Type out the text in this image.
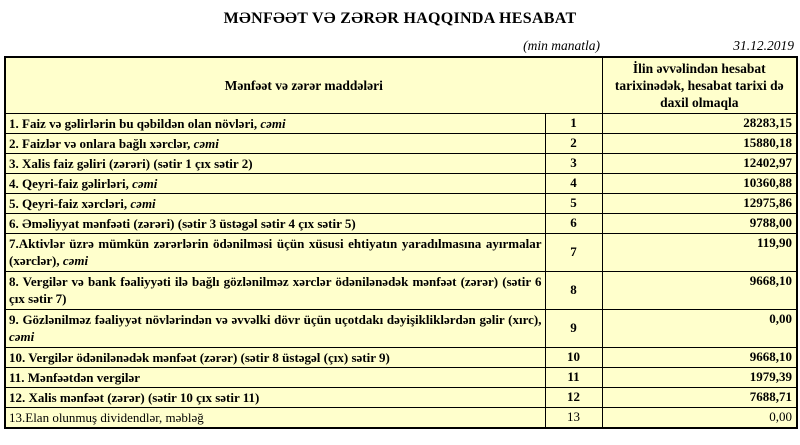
MƏNFƏƏT VƏ ZƏRƏR HAQQINDA HESABAT
(min manatla)	31.12.2019
Mənfəət və zərər maddələri		İlin əvvəlindən hesabat tarixinədək, hesabat tarixi də daxil olmaqla
1. Faiz və gəlirlərin bu qəbildən olan növləri, cəmi	1	28283,15
2. Faizlər və onlara bağlı xərclər, cəmi	2	15880,18
3. Xalis faiz gəliri (zərəri) (sətir 1 çıx sətir 2)	3	12402,97
4. Qeyri-faiz gəlirləri, cəmi	4	10360,88
5. Qeyri-faiz xərcləri, cəmi	5	12975,86
6. Əməliyyat mənfəəti (zərəri) (sətir 3 üstəgəl sətir 4 çıx sətir 5)	6	9788,00
7.Aktivlər üzrə mümkün zərərlərin ödənilməsi üçün xüsusi ehtiyatın yaradılmasına ayırmalar (xərclər), cəmi	7	119,90
8. Vergilər və bank fəaliyyəti ilə bağlı gözlənilməz xərclər ödənilənədək mənfəət (zərər) (sətir 6 çıx sətir 7)	8	9668,10
9. Gözlənilməz fəaliyyət növlərindən və əvvəlki dövr üçün uçotdakı dəyişikliklərdən gəlir (xırc), cəmi	9	0,00
10. Vergilər ödənilənədək mənfəət (zərər) (sətir 8 üstəgəl (çıx) sətir 9)	10	9668,10
11. Mənfəətdən vergilər	11	1979,39
12. Xalis mənfəət (zərər) (sətir 10 çıx sətir 11)	12	7688,71
13.Elan olunmuş dividendlər, məbləğ	13	0,00
